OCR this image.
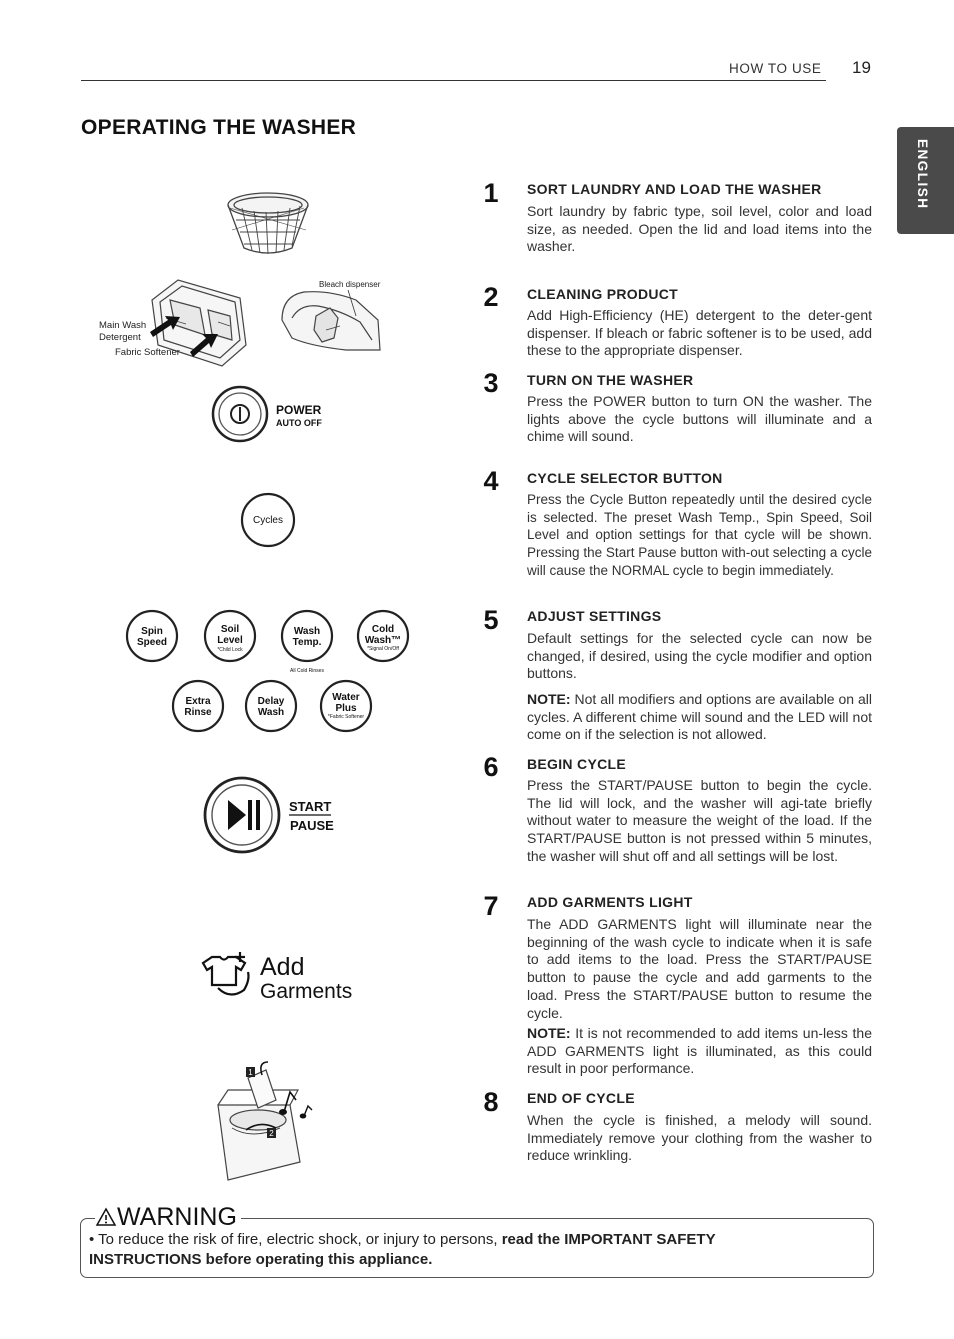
HOW TO USE 19
OPERATING THE WASHER
ENGLISH
Main Wash
Detergent
Fabric Softener
Bleach dispenser
POWER
AUTO OFF
Cycles
Spin
Speed
Soil
Level
*Child Lock
Wash
Temp.
Cold
Wash™
*Signal On/Off
All Cold Rinses
Extra
Rinse
Delay
Wash
Water
Plus
*Fabric Softener
START
PAUSE
Add
Garments
1
2
1	SORT LAUNDRY AND LOAD THE WASHER
Sort laundry by fabric type, soil level, color and load size, as needed. Open the lid and load items into the washer.
2	CLEANING PRODUCT
Add High-Efficiency (HE) detergent to the deter-gent dispenser. If bleach or fabric softener is to be used, add these to the appropriate dispenser.
3	TURN ON THE WASHER
Press the POWER button to turn ON the washer. The lights above the cycle buttons will illuminate and a chime will sound.
4	CYCLE SELECTOR BUTTON
Press the Cycle Button repeatedly until the desired cycle is selected. The preset Wash Temp., Spin Speed, Soil Level and option settings for that cycle will be shown. Pressing the Start Pause button with-out selecting a cycle will cause the NORMAL cycle to begin immediately.
5	ADJUST SETTINGS
Default settings for the selected cycle can now be changed, if desired, using the cycle modifier and option buttons.
NOTE: Not all modifiers and options are available on all cycles. A different chime will sound and the LED will not come on if the selection is not allowed.
6	BEGIN CYCLE
Press the START/PAUSE button to begin the cycle. The lid will lock, and the washer will agi-tate briefly without water to measure the weight of the load. If the START/PAUSE button is not pressed within 5 minutes, the washer will shut off and all settings will be lost.
7	ADD GARMENTS LIGHT
The ADD GARMENTS light will illuminate near the beginning of the wash cycle to indicate when it is safe to add items to the load. Press the START/PAUSE button to pause the cycle and add garments to the load. Press the START/PAUSE button to resume the cycle.
NOTE: It is not recommended to add items un-less the ADD GARMENTS light is illuminated, as this could result in poor performance.
8	END OF CYCLE
When the cycle is finished, a melody will sound. Immediately remove your clothing from the washer to reduce wrinkling.
WARNING
• To reduce the risk of fire, electric shock, or injury to persons, read the IMPORTANT SAFETY INSTRUCTIONS before operating this appliance.
